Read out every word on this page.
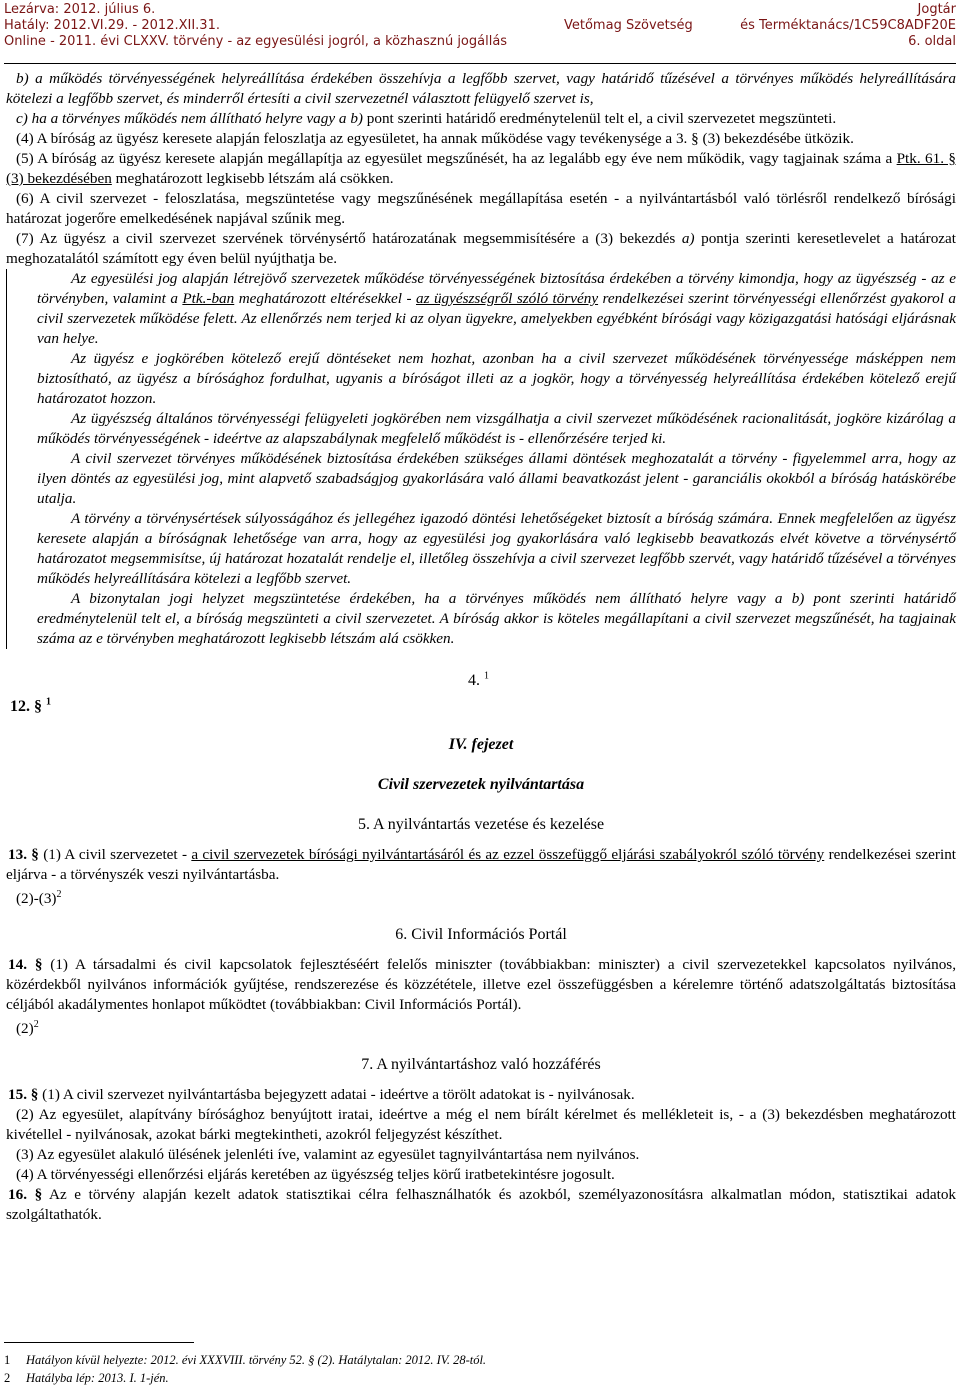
Lezárva: 2012. július 6.
Hatály: 2012.VI.29. - 2012.XII.31.
Online - 2011. évi CLXXV. törvény - az egyesülési jogról, a közhasznú jogállás
Vetőmag Szövetség
Jogtár
és Terméktanács/1C59C8ADF20E
6. oldal

b) a működés törvényességének helyreállítása érdekében összehívja a legfőbb szervet, vagy határidő tűzésével a törvényes működés helyreállítására kötelezi a legfőbb szervet, és minderről értesíti a civil szervezetnél választott felügyelő szervet is,

c) ha a törvényes működés nem állítható helyre vagy a b) pont szerinti határidő eredménytelenül telt el, a civil szervezetet megszünteti.

(4) A bíróság az ügyész keresete alapján feloszlatja az egyesületet, ha annak működése vagy tevékenysége a 3. § (3) bekezdésébe ütközik.

(5) A bíróság az ügyész keresete alapján megállapítja az egyesület megszűnését, ha az legalább egy éve nem működik, vagy tagjainak száma a Ptk. 61. § (3) bekezdésében meghatározott legkisebb létszám alá csökken.

(6) A civil szervezet - feloszlatása, megszüntetése vagy megszűnésének megállapítása esetén - a nyilvántartásból való törlésről rendelkező bírósági határozat jogerőre emelkedésének napjával szűnik meg.

(7) Az ügyész a civil szervezet szervének törvénysértő határozatának megsemmisítésére a (3) bekezdés a) pontja szerinti keresetlevelet a határozat meghozatalától számított egy éven belül nyújthatja be.

Az egyesülési jog alapján létrejövő szervezetek működése törvényességének biztosítása érdekében a törvény kimondja, hogy az ügyészség - az e törvényben, valamint a Ptk.-ban meghatározott eltérésekkel - az ügyészségről szóló törvény rendelkezései szerint törvényességi ellenőrzést gyakorol a civil szervezetek működése felett. Az ellenőrzés nem terjed ki az olyan ügyekre, amelyekben egyébként bírósági vagy közigazgatási hatósági eljárásnak van helye.

Az ügyész e jogkörében kötelező erejű döntéseket nem hozhat, azonban ha a civil szervezet működésének törvényessége másképpen nem biztosítható, az ügyész a bírósághoz fordulhat, ugyanis a bíróságot illeti az a jogkör, hogy a törvényesség helyreállítása érdekében kötelező erejű határozatot hozzon.

Az ügyészség általános törvényességi felügyeleti jogkörében nem vizsgálhatja a civil szervezet működésének racionalitását, jogköre kizárólag a működés törvényességének - ideértve az alapszabálynak megfelelő működést is - ellenőrzésére terjed ki.

A civil szervezet törvényes működésének biztosítása érdekében szükséges állami döntések meghozatalát a törvény - figyelemmel arra, hogy az ilyen döntés az egyesülési jog, mint alapvető szabadságjog gyakorlására való állami beavatkozást jelent - garanciális okokból a bíróság hatáskörébe utalja.

A törvény a törvénysértések súlyosságához és jellegéhez igazodó döntési lehetőségeket biztosít a bíróság számára. Ennek megfelelően az ügyész keresete alapján a bíróságnak lehetősége van arra, hogy az egyesülési jog gyakorlására való legkisebb beavatkozás elvét követve a törvénysértő határozatot megsemmisítse, új határozat hozatalát rendelje el, illetőleg összehívja a civil szervezet legfőbb szervét, vagy határidő tűzésével a törvényes működés helyreállítására kötelezi a legfőbb szervet.

A bizonytalan jogi helyzet megszüntetése érdekében, ha a törvényes működés nem állítható helyre vagy a b) pont szerinti határidő eredménytelenül telt el, a bíróság megszünteti a civil szervezetet. A bíróság akkor is köteles megállapítani a civil szervezet megszűnését, ha tagjainak száma az e törvényben meghatározott legkisebb létszám alá csökken.

4. $^1$
12. § $^1$
IV. fejezet

Civil szervezetek nyilvántartása

5. A nyilvántartás vezetése és kezelése

13. § (1) A civil szervezetet - a civil szervezetek bírósági nyilvántartásáról és az ezzel összefüggő eljárási szabályokról szóló törvény rendelkezései szerint eljárva - a törvényszék veszi nyilvántartásba.

$(2)-(3)^2$

6. Civil Információs Portál

14. § (1) A társadalmi és civil kapcsolatok fejlesztéséért felelős miniszter (továbbiakban: miniszter) a civil szervezetekkel kapcsolatos nyilvános, közérdekből nyilvános információk gyűjtése, rendszerezése és közzététele, illetve ezel összefüggésben a kérelemre történő adatszolgáltatás biztosítása céljából akadálymentes honlapot működtet (továbbiakban: Civil Információs Portál).

$(2)^2$

7. A nyilvántartáshoz való hozzáférés

15. § (1) A civil szervezet nyilvántartásba bejegyzett adatai - ideértve a törölt adatokat is - nyilvánosak.

(2) Az egyesület, alapítvány bírósághoz benyújtott iratai, ideértve a még el nem bírált kérelmet és mellékleteit is, - a (3) bekezdésben meghatározott kivétellel - nyilvánosak, azokat bárki megtekintheti, azokról feljegyzést készíthet.

(3) Az egyesület alakuló ülésének jelenléti íve, valamint az egyesület tagnyilvántartása nem nyilvános.

(4) A törvényességi ellenőrzési eljárás keretében az ügyészség teljes körű iratbetekintésre jogosult.

16. § Az e törvény alapján kezelt adatok statisztikai célra felhasználhatók és azokból, személyazonosításra alkalmatlan módon, statisztikai adatok szolgáltathatók.

1 Hatályon kívül helyezte: 2012. évi XXXVIII. törvény 52. § (2). Hatálytalan: 2012. IV. 28-tól.
2 Hatályba lép: 2013. I. 1-jén.
